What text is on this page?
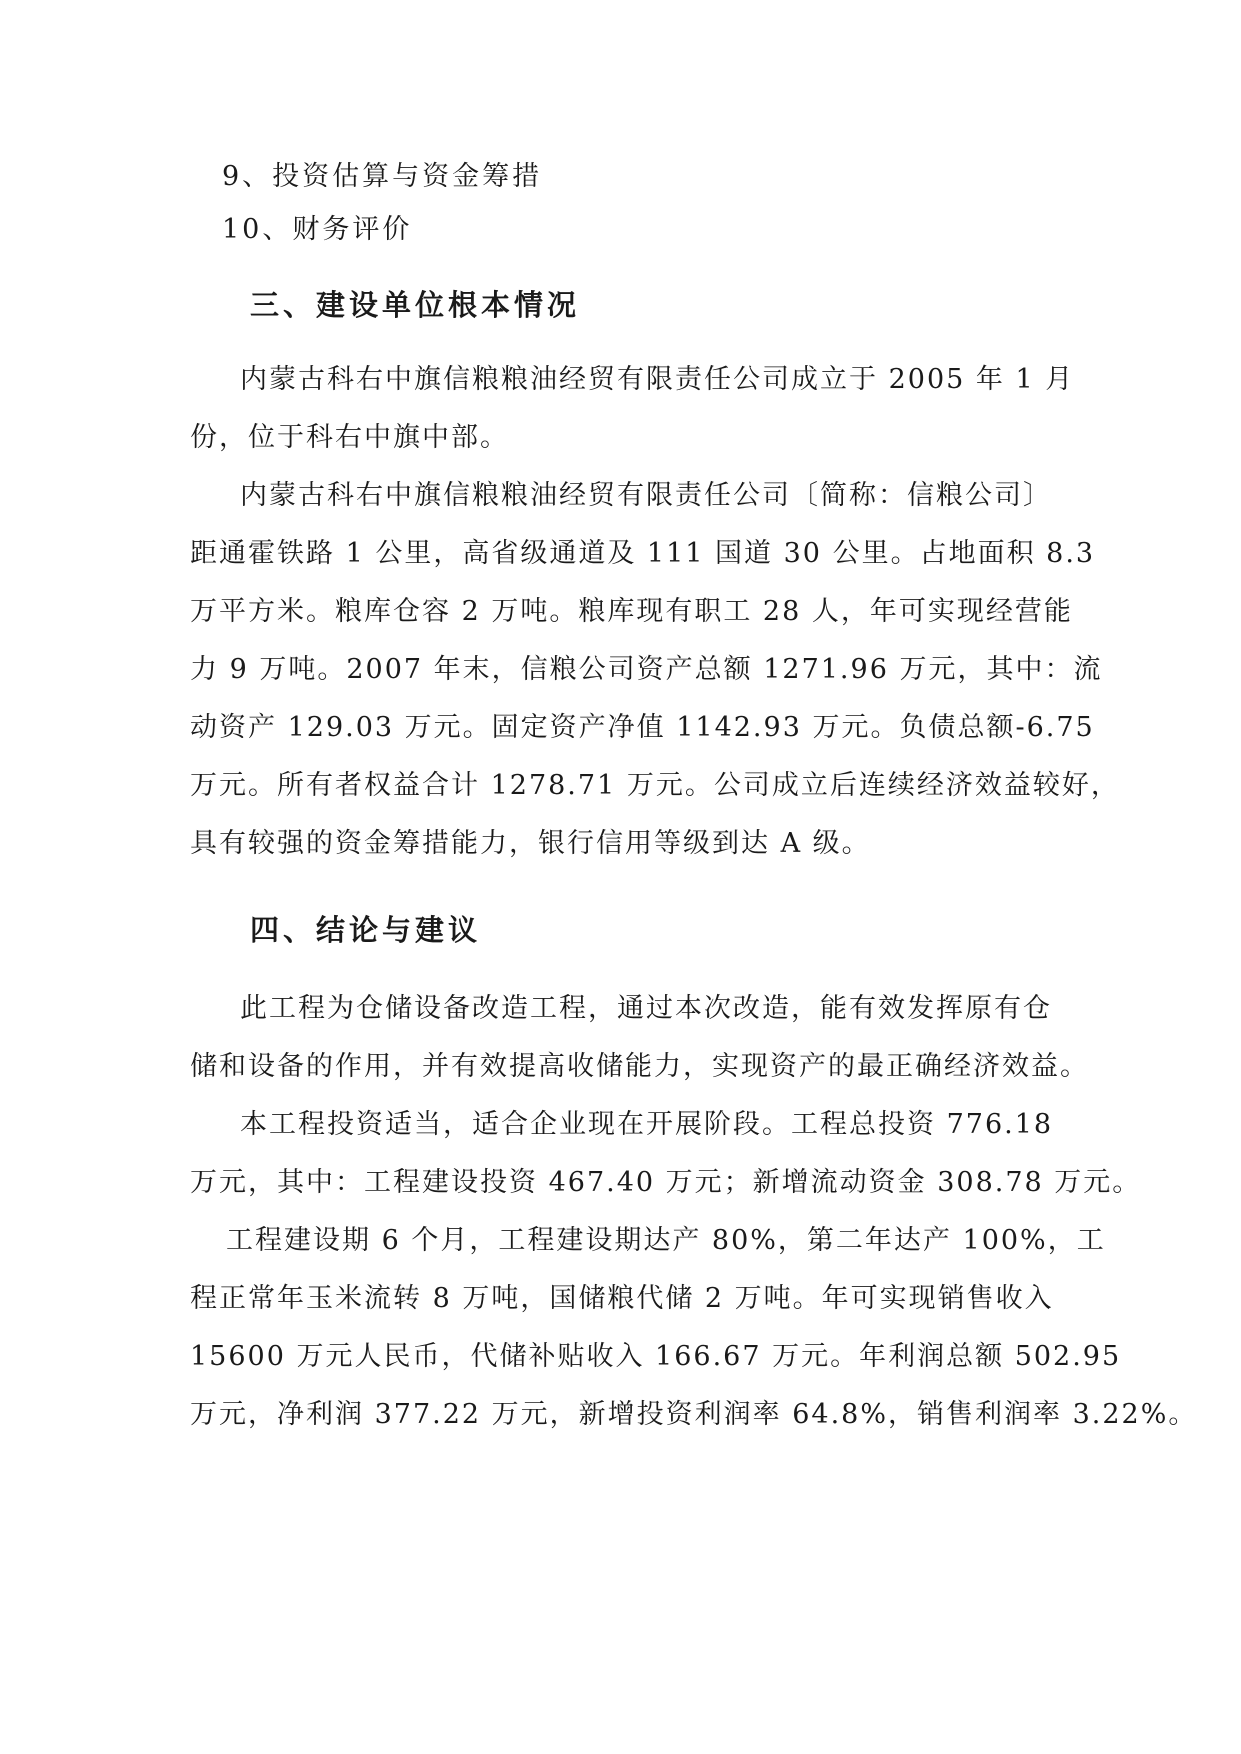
9、投资估算与资金筹措
10、财务评价
三、建设单位根本情况
内蒙古科右中旗信粮粮油经贸有限责任公司成立于 2005 年 1 月
份，位于科右中旗中部。
内蒙古科右中旗信粮粮油经贸有限责任公司〔简称：信粮公司〕
距通霍铁路 1 公里，高省级通道及 111 国道 30 公里。占地面积 8.3
万平方米。粮库仓容 2 万吨。粮库现有职工 28 人，年可实现经营能
力 9 万吨。2007 年末，信粮公司资产总额 1271.96 万元，其中：流
动资产 129.03 万元。固定资产净值 1142.93 万元。负债总额-6.75
万元。所有者权益合计 1278.71 万元。公司成立后连续经济效益较好，
具有较强的资金筹措能力，银行信用等级到达 A 级。
四、结论与建议
此工程为仓储设备改造工程，通过本次改造，能有效发挥原有仓
储和设备的作用，并有效提高收储能力，实现资产的最正确经济效益。
本工程投资适当，适合企业现在开展阶段。工程总投资 776.18
万元，其中：工程建设投资 467.40 万元；新增流动资金 308.78 万元。
工程建设期 6 个月，工程建设期达产 80%，第二年达产 100%，工
程正常年玉米流转 8 万吨，国储粮代储 2 万吨。年可实现销售收入
15600 万元人民币，代储补贴收入 166.67 万元。年利润总额 502.95
万元，净利润 377.22 万元，新增投资利润率 64.8%，销售利润率 3.22%。
